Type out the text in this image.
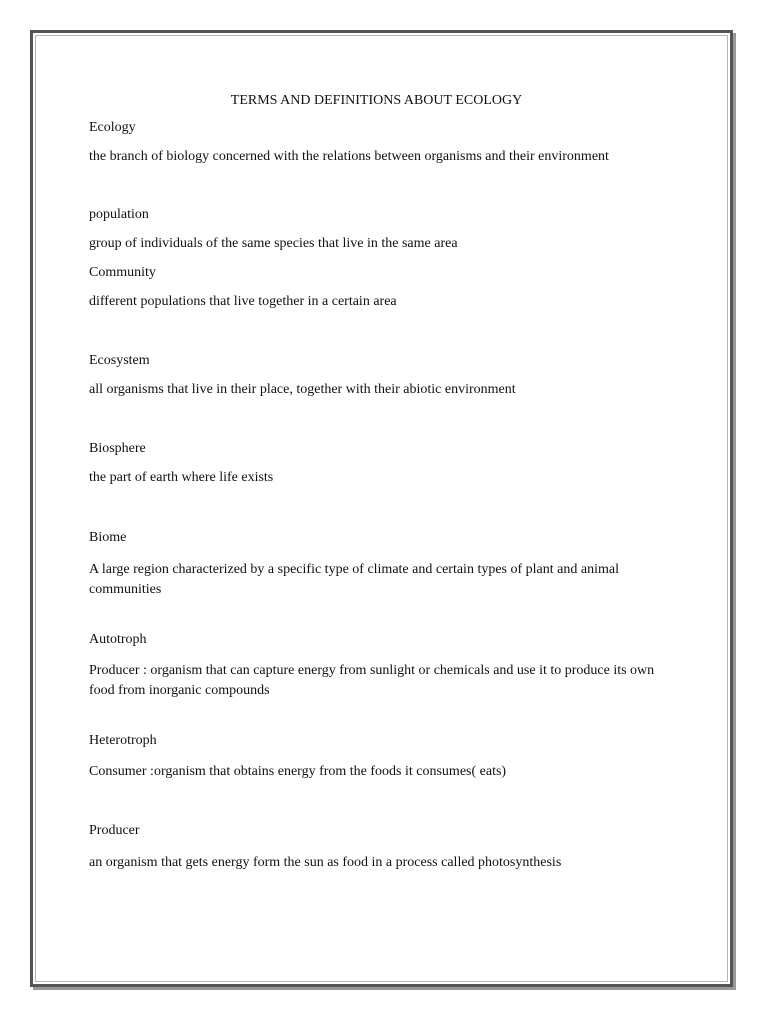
TERMS AND DEFINITIONS ABOUT ECOLOGY
Ecology
the branch of biology concerned with the relations between organisms and their environment
population
group of individuals of the same species that live in the same area
Community
different populations that live together in a certain area
Ecosystem
all organisms that live in their place, together with their abiotic environment
Biosphere
the part of earth where life exists
Biome
A large region characterized by a specific type of climate and certain types of plant and animal communities
Autotroph
Producer : organism that can capture energy from sunlight or chemicals and use it to produce its own food from inorganic compounds
Heterotroph
Consumer :organism that obtains energy from the foods it consumes( eats)
Producer
an organism that gets energy form the sun as food in a process called photosynthesis
